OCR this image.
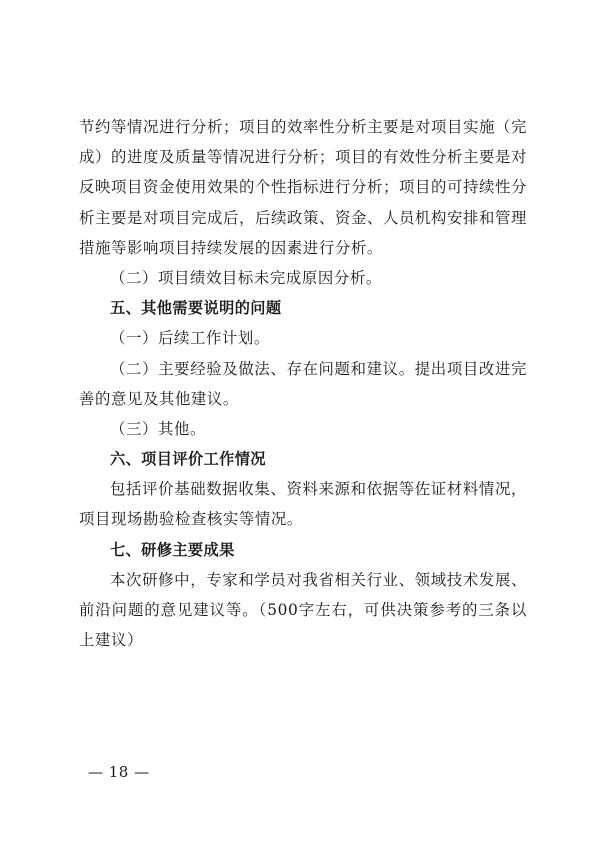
节约等情况进行分析；项目的效率性分析主要是对项目实施（完
成）的进度及质量等情况进行分析；项目的有效性分析主要是对
反映项目资金使用效果的个性指标进行分析；项目的可持续性分
析主要是对项目完成后，后续政策、资金、人员机构安排和管理
措施等影响项目持续发展的因素进行分析。
（二）项目绩效目标未完成原因分析。
五、其他需要说明的问题
（一）后续工作计划。
（二）主要经验及做法、存在问题和建议。提出项目改进完
善的意见及其他建议。
（三）其他。
六、项目评价工作情况
包括评价基础数据收集、资料来源和依据等佐证材料情况，
项目现场勘验检查核实等情况。
七、研修主要成果
本次研修中，专家和学员对我省相关行业、领域技术发展、
前沿问题的意见建议等。（500字左右，可供决策参考的三条以
上建议）
— 18 —
